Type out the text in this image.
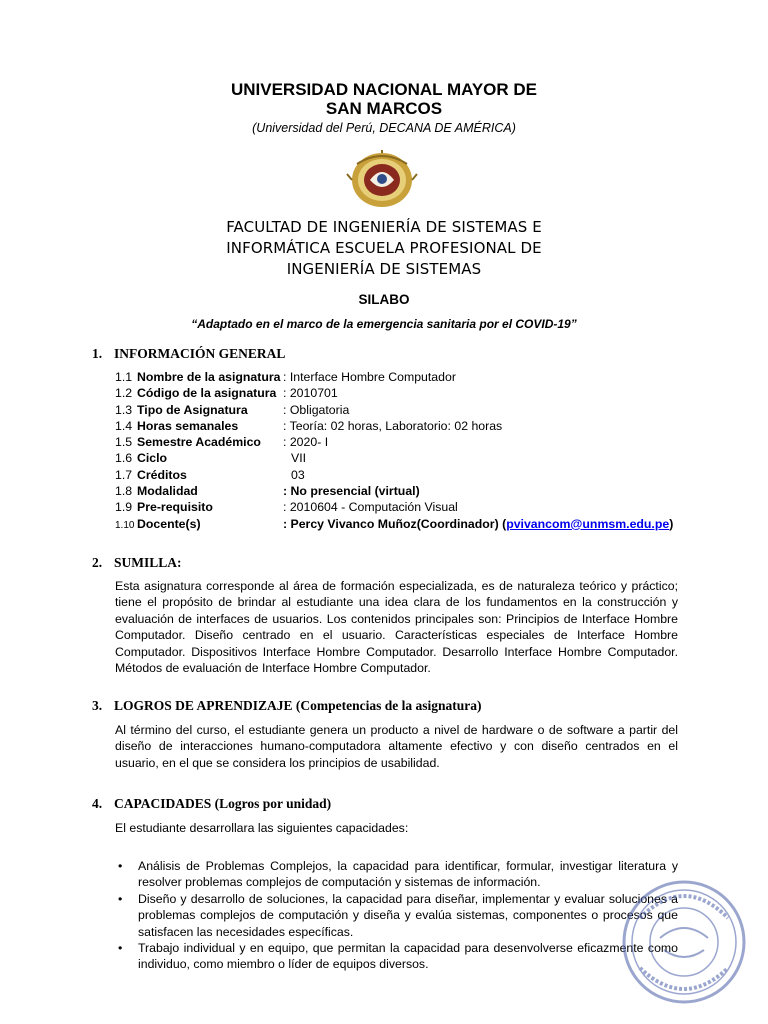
UNIVERSIDAD NACIONAL MAYOR DE
SAN MARCOS
(Universidad del Perú, DECANA DE AMÉRICA)
FACULTAD DE INGENIERÍA DE SISTEMAS E
INFORMÁTICA ESCUELA PROFESIONAL DE
INGENIERÍA DE SISTEMAS
SILABO
“Adaptado en el marco de la emergencia sanitaria por el COVID-19”
1. INFORMACIÓN GENERAL
1.1 Nombre de la asignatura : Interface Hombre Computador
1.2 Código de la asignatura : 2010701
1.3 Tipo de Asignatura	: Obligatoria
1.4 Horas semanales	: Teoría: 02 horas, Laboratorio: 02 horas
1.5 Semestre Académico : 2020- I
1.6 Ciclo	VII
1.7 Créditos	03
1.8 Modalidad	: No presencial (virtual)
1.9 Pre-requisito	: 2010604 - Computación Visual
1.10 Docente(s)	: Percy Vivanco Muñoz(Coordinador) (pvivancom@unmsm.edu.pe)
2. SUMILLA:
Esta asignatura corresponde al área de formación especializada, es de naturaleza teórico y práctico; tiene el propósito de brindar al estudiante una idea clara de los fundamentos en la construcción y evaluación de interfaces de usuarios. Los contenidos principales son: Principios de Interface Hombre Computador. Diseño centrado en el usuario. Características especiales de Interface Hombre Computador. Dispositivos Interface Hombre Computador. Desarrollo Interface Hombre Computador. Métodos de evaluación de Interface Hombre Computador.
3. LOGROS DE APRENDIZAJE (Competencias de la asignatura)
Al término del curso, el estudiante genera un producto a nivel de hardware o de software a partir del diseño de interacciones humano-computadora altamente efectivo y con diseño centrados en el usuario, en el que se considera los principios de usabilidad.
4. CAPACIDADES (Logros por unidad)
El estudiante desarrollara las siguientes capacidades:
• Análisis de Problemas Complejos, la capacidad para identificar, formular, investigar literatura y resolver problemas complejos de computación y sistemas de información.
• Diseño y desarrollo de soluciones, la capacidad para diseñar, implementar y evaluar soluciones a problemas complejos de computación y diseña y evalúa sistemas, componentes o procesos que satisfacen las necesidades específicas.
• Trabajo individual y en equipo, que permitan la capacidad para desenvolverse eficazmente como individuo, como miembro o líder de equipos diversos.
